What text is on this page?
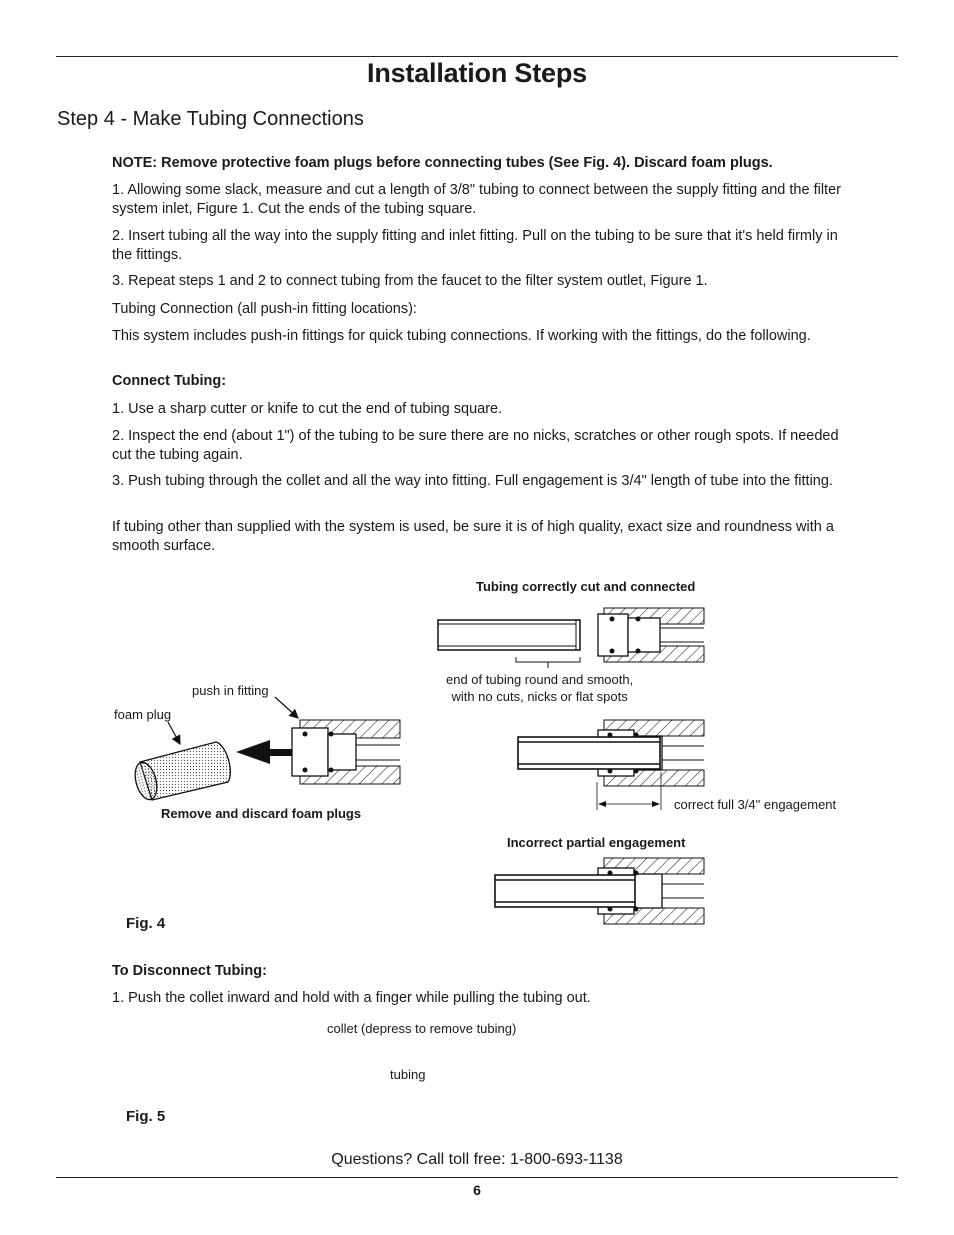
Installation Steps
Step 4 - Make Tubing Connections

NOTE: Remove protective foam plugs before connecting tubes (See Fig. 4). Discard foam plugs.

1. Allowing some slack, measure and cut a length of 3/8" tubing to connect between the supply fitting and the filter system inlet, Figure 1. Cut the ends of the tubing square.

2. Insert tubing all the way into the supply fitting and inlet fitting. Pull on the tubing to be sure that it's held firmly in the fittings.

3. Repeat steps 1 and 2 to connect tubing from the faucet to the filter system outlet, Figure 1.

Tubing Connection (all push-in fitting locations):

This system includes push-in fittings for quick tubing connections. If working with the fittings, do the following.

Connect Tubing:

1. Use a sharp cutter or knife to cut the end of tubing square.

2. Inspect the end (about 1") of the tubing to be sure there are no nicks, scratches or other rough spots. If needed cut the tubing again.

3. Push tubing through the collet and all the way into fitting. Full engagement is 3/4" length of tube into the fitting.

If tubing other than supplied with the system is used, be sure it is of high quality, exact size and roundness with a smooth surface.

Tubing correctly cut and connected
end of tubing round and smooth,
with no cuts, nicks or flat spots
push in fitting
foam plug
Remove and discard foam plugs
correct full 3/4" engagement
Incorrect partial engagement
Fig. 4

To Disconnect Tubing:

1. Push the collet inward and hold with a finger while pulling the tubing out.

collet (depress to remove tubing)
tubing
Fig. 5
Questions? Call toll free: 1-800-693-1138
6
